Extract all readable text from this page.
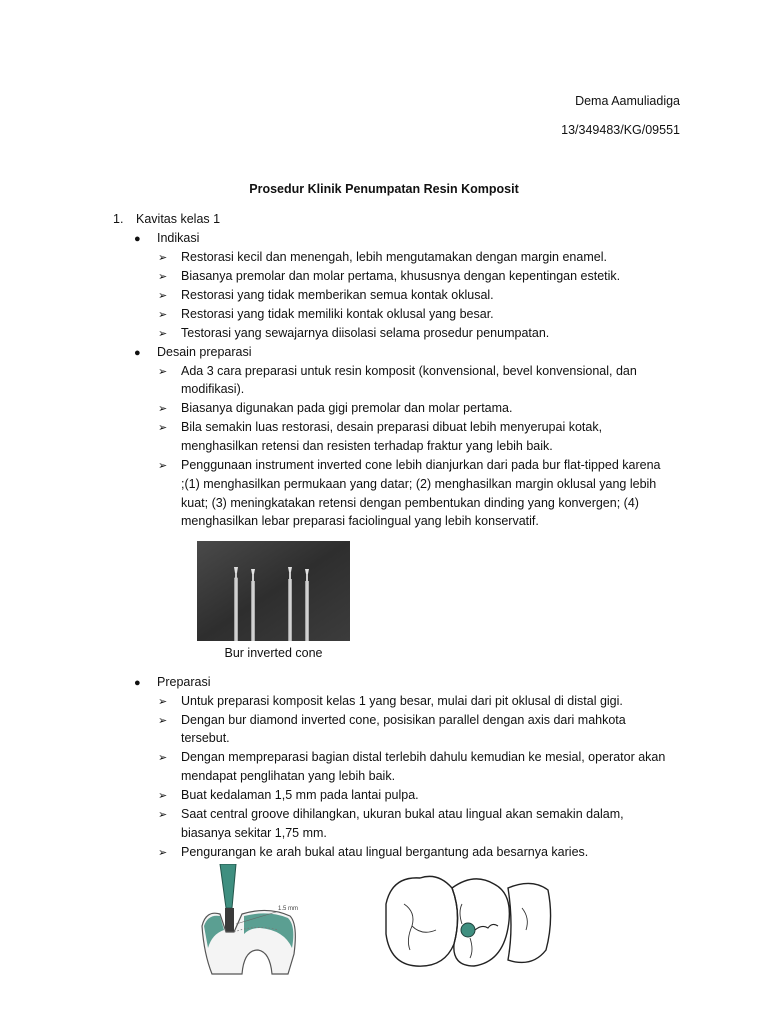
Dema Aamuliadiga
13/349483/KG/09551
Prosedur Klinik Penumpatan Resin Komposit
1. Kavitas kelas 1
● Indikasi
➢ Restorasi kecil dan menengah, lebih mengutamakan dengan margin enamel.
➢ Biasanya premolar dan molar pertama, khususnya dengan kepentingan estetik.
➢ Restorasi yang tidak memberikan semua kontak oklusal.
➢ Restorasi yang tidak memiliki kontak oklusal yang besar.
➢ Testorasi yang sewajarnya diisolasi selama prosedur penumpatan.
● Desain preparasi
➢ Ada 3 cara preparasi untuk resin komposit (konvensional, bevel konvensional, dan
modifikasi).
➢ Biasanya digunakan pada gigi premolar dan molar pertama.
➢ Bila semakin luas restorasi, desain preparasi dibuat lebih menyerupai kotak,
menghasilkan retensi dan resisten terhadap fraktur yang lebih baik.
➢ Penggunaan instrument inverted cone lebih dianjurkan dari pada bur flat-tipped karena
;(1) menghasilkan permukaan yang datar; (2) menghasilkan margin oklusal yang lebih
kuat; (3) meningkatakan retensi dengan pembentukan dinding yang konvergen; (4)
menghasilkan lebar preparasi faciolingual yang lebih konservatif.
Bur inverted cone
● Preparasi
➢ Untuk preparasi komposit kelas 1 yang besar, mulai dari pit oklusal di distal gigi.
➢ Dengan bur diamond inverted cone, posisikan parallel dengan axis dari mahkota
tersebut.
➢ Dengan mempreparasi bagian distal terlebih dahulu kemudian ke mesial, operator akan
mendapat penglihatan yang lebih baik.
➢ Buat kedalaman 1,5 mm pada lantai pulpa.
➢ Saat central groove dihilangkan, ukuran bukal atau lingual akan semakin dalam,
biasanya sekitar 1,75 mm.
➢ Pengurangan ke arah bukal atau lingual bergantung ada besarnya karies.
1.5 mm
